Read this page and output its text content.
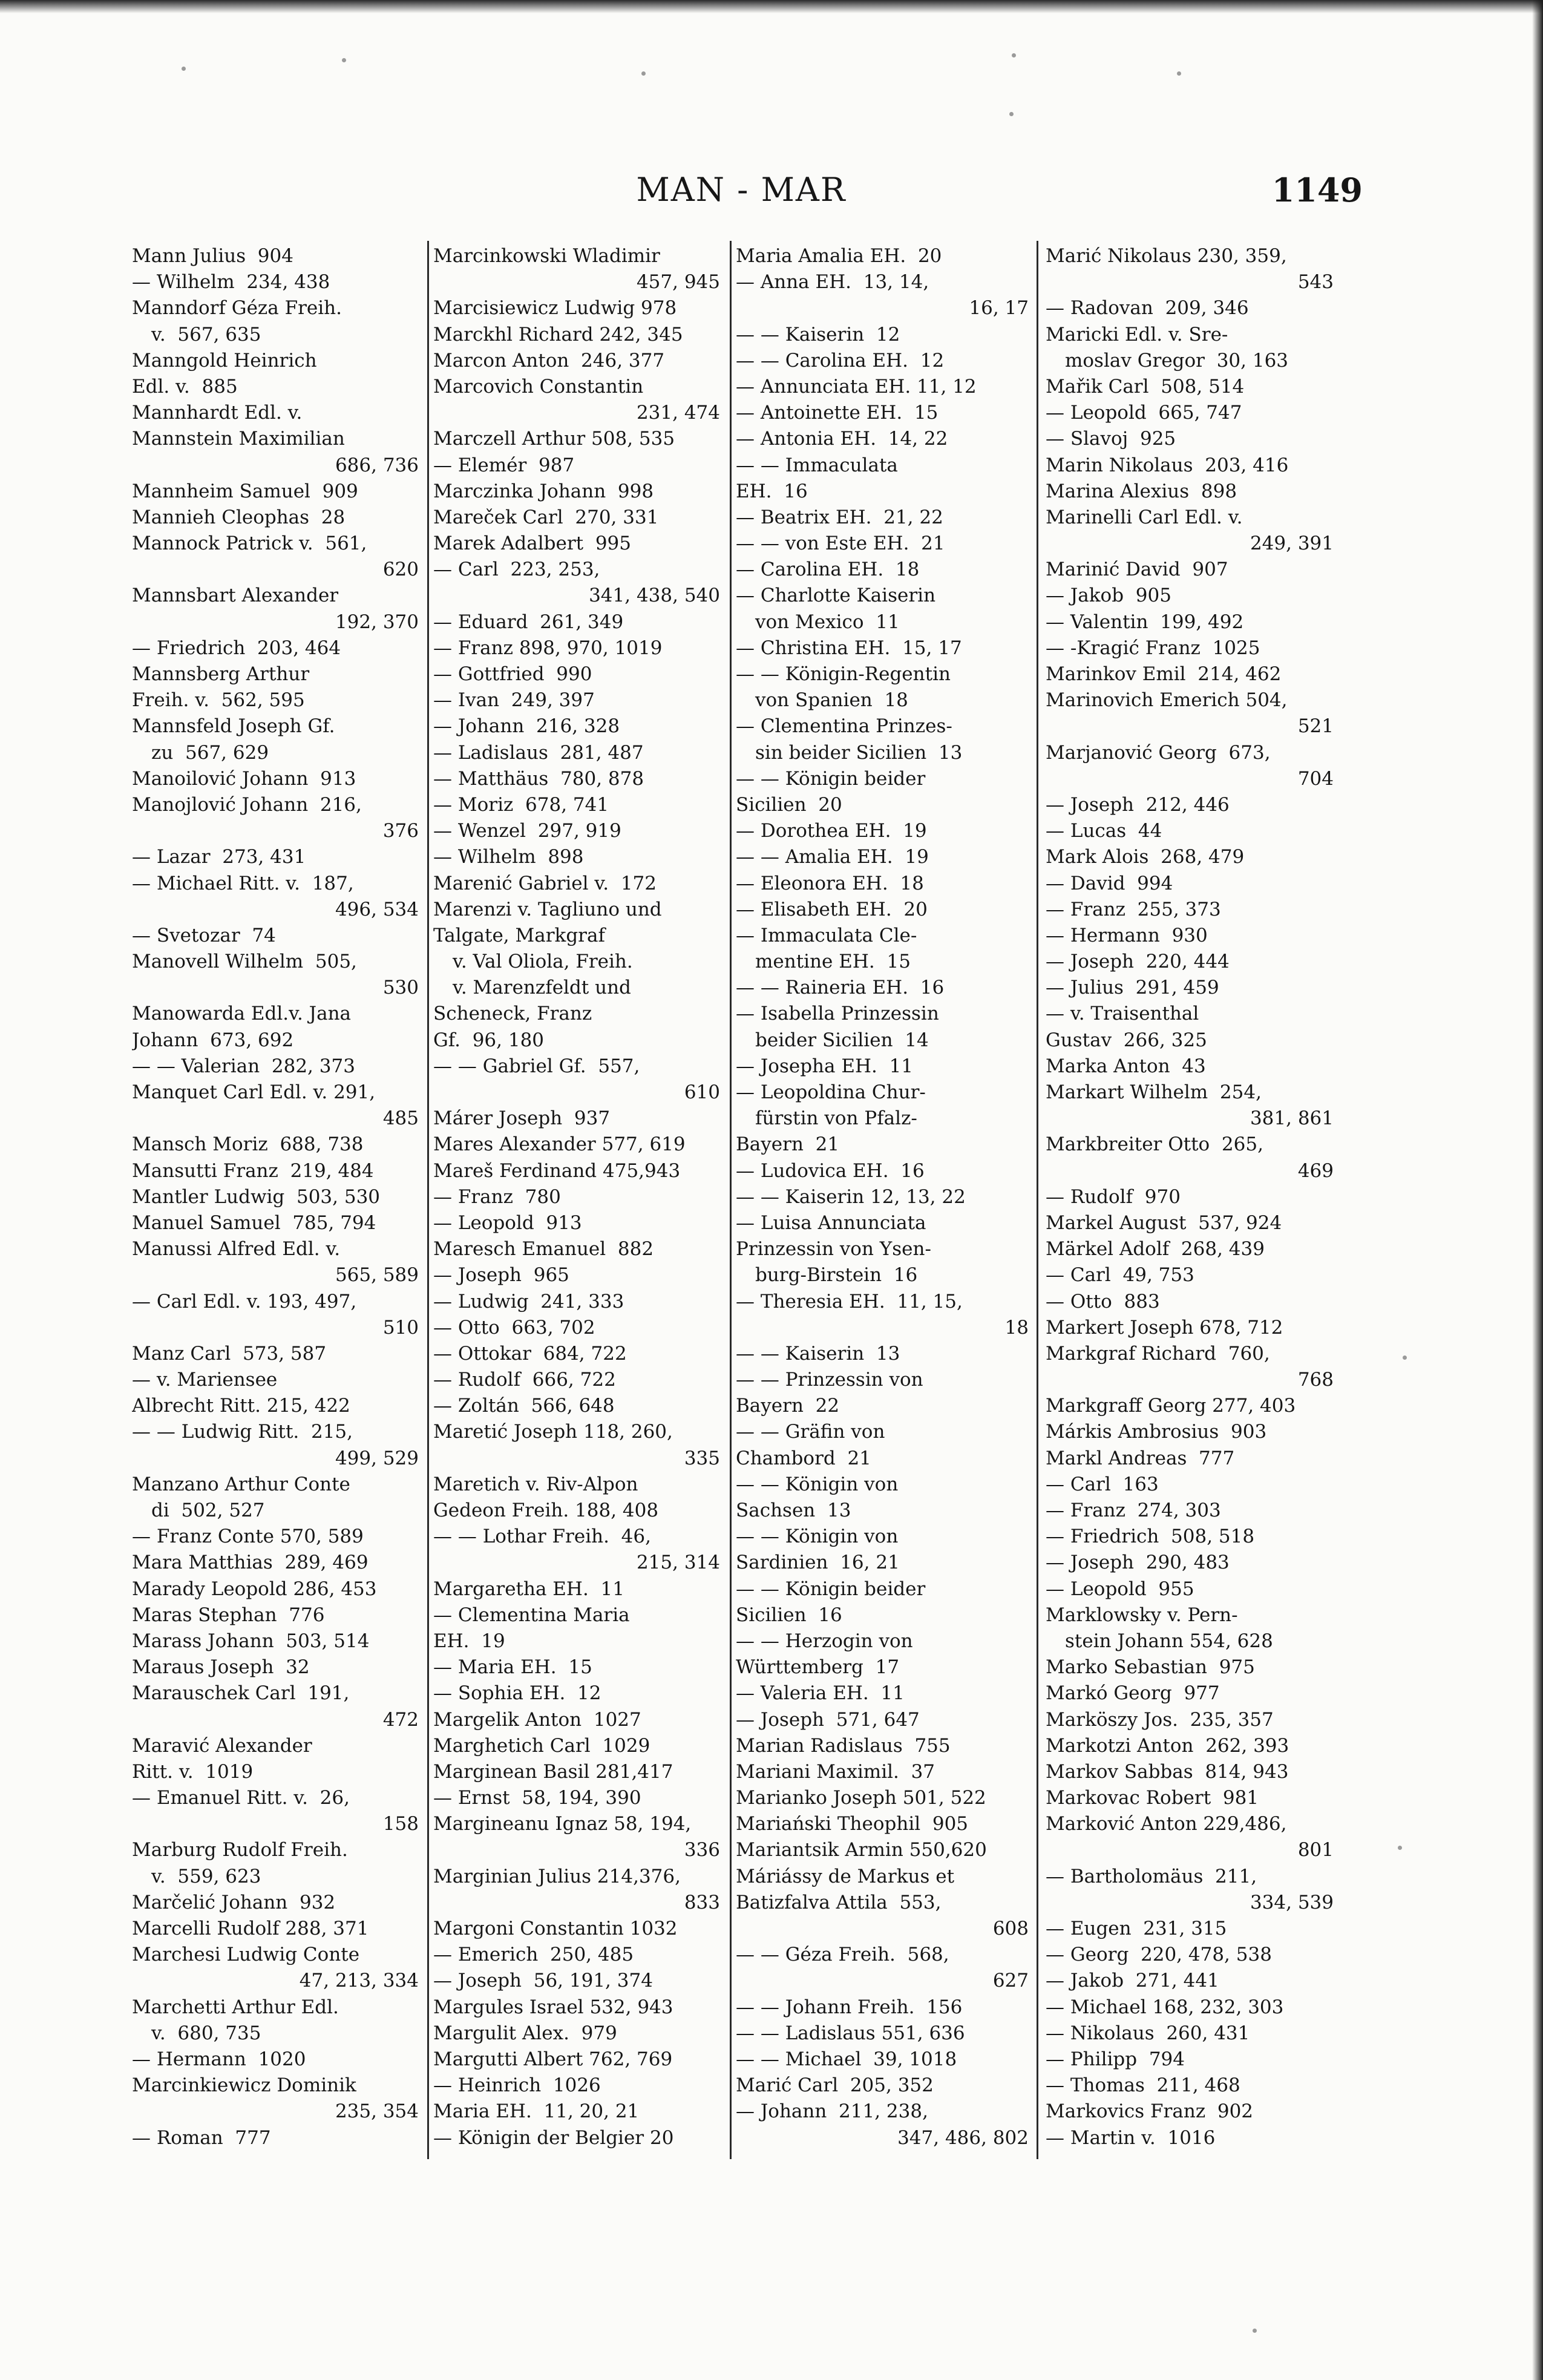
MAN - MAR	1149
Mann Julius  904
— Wilhelm  234, 438
Manndorf Géza Freih.
v.  567, 635
Manngold Heinrich
Edl. v.  885
Mannhardt Edl. v.
Mannstein Maximilian
686, 736
Mannheim Samuel  909
Mannieh Cleophas  28
Mannock Patrick v.  561,
620
Mannsbart Alexander
192, 370
— Friedrich  203, 464
Mannsberg Arthur
Freih. v.  562, 595
Mannsfeld Joseph Gf.
zu  567, 629
Manoilović Johann  913
Manojlović Johann  216,
376
— Lazar  273, 431
— Michael Ritt. v.  187,
496, 534
— Svetozar  74
Manovell Wilhelm  505,
530
Manowarda Edl.v. Jana
Johann  673, 692
— — Valerian  282, 373
Manquet Carl Edl. v. 291,
485
Mansch Moriz  688, 738
Mansutti Franz  219, 484
Mantler Ludwig  503, 530
Manuel Samuel  785, 794
Manussi Alfred Edl. v.
565, 589
— Carl Edl. v. 193, 497,
510
Manz Carl  573, 587
— v. Mariensee
Albrecht Ritt. 215, 422
— — Ludwig Ritt.  215,
499, 529
Manzano Arthur Conte
di  502, 527
— Franz Conte 570, 589
Mara Matthias  289, 469
Marady Leopold 286, 453
Maras Stephan  776
Marass Johann  503, 514
Maraus Joseph  32
Marauschek Carl  191,
472
Maravić Alexander
Ritt. v.  1019
— Emanuel Ritt. v.  26,
158
Marburg Rudolf Freih.
v.  559, 623
Marčelić Johann  932
Marcelli Rudolf 288, 371
Marchesi Ludwig Conte
47, 213, 334
Marchetti Arthur Edl.
v.  680, 735
— Hermann  1020
Marcinkiewicz Dominik
235, 354
— Roman  777
Marcinkowski Wladimir
457, 945
Marcisiewicz Ludwig 978
Marckhl Richard 242, 345
Marcon Anton  246, 377
Marcovich Constantin
231, 474
Marczell Arthur 508, 535
— Elemér  987
Marczinka Johann  998
Mareček Carl  270, 331
Marek Adalbert  995
— Carl  223, 253,
341, 438, 540
— Eduard  261, 349
— Franz 898, 970, 1019
— Gottfried  990
— Ivan  249, 397
— Johann  216, 328
— Ladislaus  281, 487
— Matthäus  780, 878
— Moriz  678, 741
— Wenzel  297, 919
— Wilhelm  898
Marenić Gabriel v.  172
Marenzi v. Tagliuno und
Talgate, Markgraf
v. Val Oliola, Freih.
v. Marenzfeldt und
Scheneck, Franz
Gf.  96, 180
— — Gabriel Gf.  557,
610
Márer Joseph  937
Mares Alexander 577, 619
Mareš Ferdinand 475,943
— Franz  780
— Leopold  913
Maresch Emanuel  882
— Joseph  965
— Ludwig  241, 333
— Otto  663, 702
— Ottokar  684, 722
— Rudolf  666, 722
— Zoltán  566, 648
Maretić Joseph 118, 260,
335
Maretich v. Riv-Alpon
Gedeon Freih. 188, 408
— — Lothar Freih.  46,
215, 314
Margaretha EH.  11
— Clementina Maria
EH.  19
— Maria EH.  15
— Sophia EH.  12
Margelik Anton  1027
Marghetich Carl  1029
Marginean Basil 281,417
— Ernst  58, 194, 390
Margineanu Ignaz 58, 194,
336
Marginian Julius 214,376,
833
Margoni Constantin 1032
— Emerich  250, 485
— Joseph  56, 191, 374
Margules Israel 532, 943
Margulit Alex.  979
Margutti Albert 762, 769
— Heinrich  1026
Maria EH.  11, 20, 21
— Königin der Belgier 20
Maria Amalia EH.  20
— Anna EH.  13, 14,
16, 17
— — Kaiserin  12
— — Carolina EH.  12
— Annunciata EH. 11, 12
— Antoinette EH.  15
— Antonia EH.  14, 22
— — Immaculata
EH.  16
— Beatrix EH.  21, 22
— — von Este EH.  21
— Carolina EH.  18
— Charlotte Kaiserin
von Mexico  11
— Christina EH.  15, 17
— — Königin-Regentin
von Spanien  18
— Clementina Prinzes-
sin beider Sicilien  13
— — Königin beider
Sicilien  20
— Dorothea EH.  19
— — Amalia EH.  19
— Eleonora EH.  18
— Elisabeth EH.  20
— Immaculata Cle-
mentine EH.  15
— — Raineria EH.  16
— Isabella Prinzessin
beider Sicilien  14
— Josepha EH.  11
— Leopoldina Chur-
fürstin von Pfalz-
Bayern  21
— Ludovica EH.  16
— — Kaiserin 12, 13, 22
— Luisa Annunciata
Prinzessin von Ysen-
burg-Birstein  16
— Theresia EH.  11, 15,
18
— — Kaiserin  13
— — Prinzessin von
Bayern  22
— — Gräfin von
Chambord  21
— — Königin von
Sachsen  13
— — Königin von
Sardinien  16, 21
— — Königin beider
Sicilien  16
— — Herzogin von
Württemberg  17
— Valeria EH.  11
— Joseph  571, 647
Marian Radislaus  755
Mariani Maximil.  37
Marianko Joseph 501, 522
Mariański Theophil  905
Mariantsik Armin 550,620
Máriássy de Markus et
Batizfalva Attila  553,
608
— — Géza Freih.  568,
627
— — Johann Freih.  156
— — Ladislaus 551, 636
— — Michael  39, 1018
Marić Carl  205, 352
— Johann  211, 238,
347, 486, 802
Marić Nikolaus 230, 359,
543
— Radovan  209, 346
Maricki Edl. v. Sre-
moslav Gregor  30, 163
Mařik Carl  508, 514
— Leopold  665, 747
— Slavoj  925
Marin Nikolaus  203, 416
Marina Alexius  898
Marinelli Carl Edl. v.
249, 391
Marinić David  907
— Jakob  905
— Valentin  199, 492
— -Kragić Franz  1025
Marinkov Emil  214, 462
Marinovich Emerich 504,
521
Marjanović Georg  673,
704
— Joseph  212, 446
— Lucas  44
Mark Alois  268, 479
— David  994
— Franz  255, 373
— Hermann  930
— Joseph  220, 444
— Julius  291, 459
— v. Traisenthal
Gustav  266, 325
Marka Anton  43
Markart Wilhelm  254,
381, 861
Markbreiter Otto  265,
469
— Rudolf  970
Markel August  537, 924
Märkel Adolf  268, 439
— Carl  49, 753
— Otto  883
Markert Joseph 678, 712
Markgraf Richard  760,
768
Markgraff Georg 277, 403
Márkis Ambrosius  903
Markl Andreas  777
— Carl  163
— Franz  274, 303
— Friedrich  508, 518
— Joseph  290, 483
— Leopold  955
Marklowsky v. Pern-
stein Johann 554, 628
Marko Sebastian  975
Markó Georg  977
Marköszy Jos.  235, 357
Markotzi Anton  262, 393
Markov Sabbas  814, 943
Markovac Robert  981
Marković Anton 229,486,
801
— Bartholomäus  211,
334, 539
— Eugen  231, 315
— Georg  220, 478, 538
— Jakob  271, 441
— Michael 168, 232, 303
— Nikolaus  260, 431
— Philipp  794
— Thomas  211, 468
Markovics Franz  902
— Martin v.  1016
